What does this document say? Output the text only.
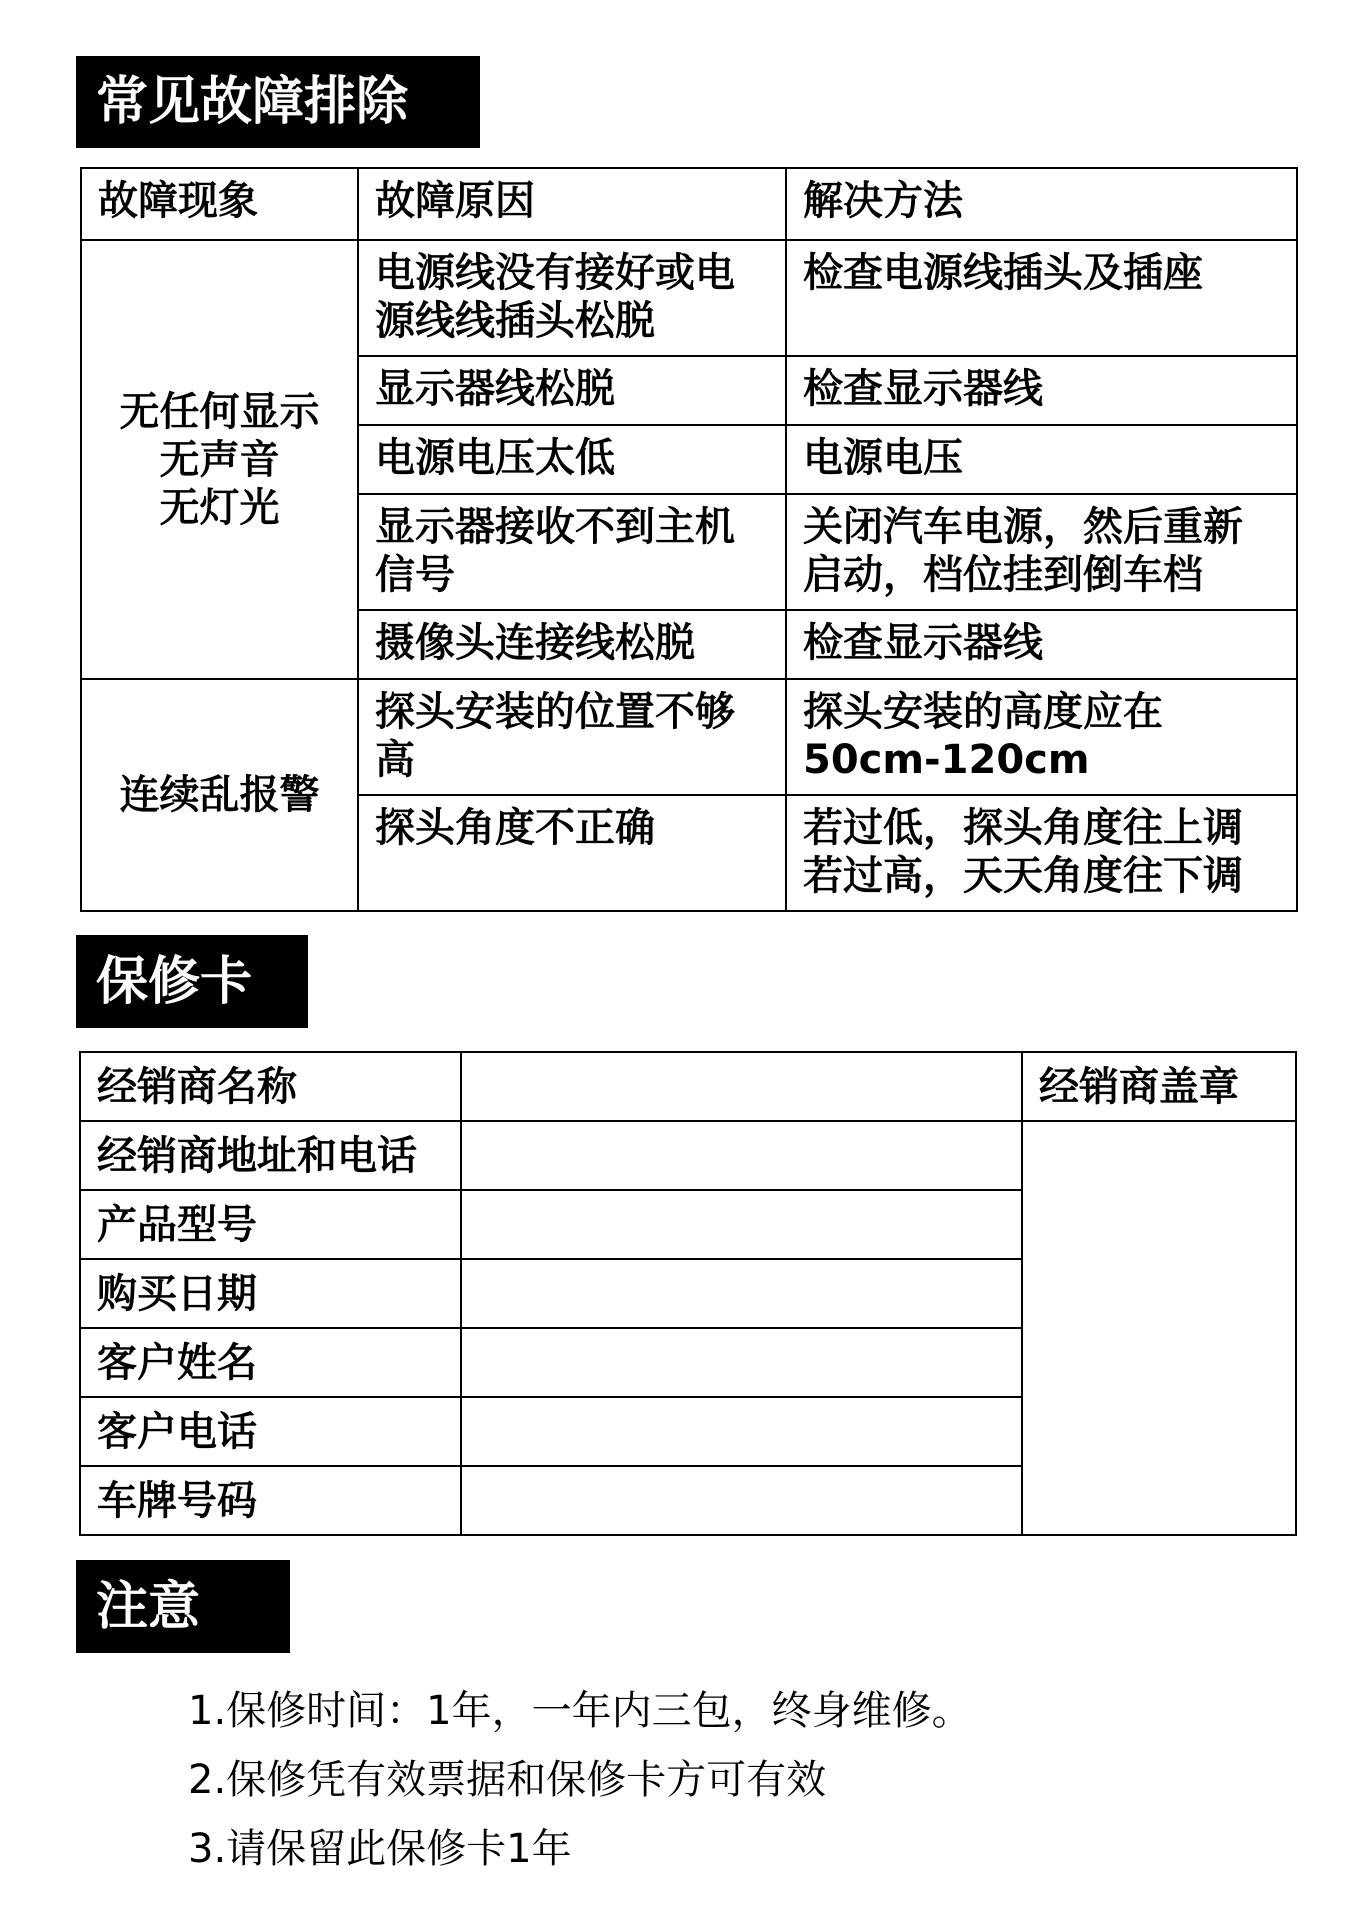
常见故障排除
故障现象	故障原因	解决方法

无任何显示
无声音
无灯光	电源线没有接好或电源线线插头松脱	检查电源线插头及插座
	显示器线松脱	检查显示器线
	电源电压太低	电源电压
	显示器接收不到主机信号	关闭汽车电源，然后重新启动，档位挂到倒车档
	摄像头连接线松脱	检查显示器线

连续乱报警	探头安装的位置不够高	探头安装的高度应在50cm-120cm
	探头角度不正确	若过低，探头角度往上调若过高，天天角度往下调
保修卡
经销商名称		经销商盖章
经销商地址和电话		
产品型号		
购买日期		
客户姓名		
客户电话		
车牌号码		
注意
1.保修时间：1年，一年内三包，终身维修。
2.保修凭有效票据和保修卡方可有效
3.请保留此保修卡1年
